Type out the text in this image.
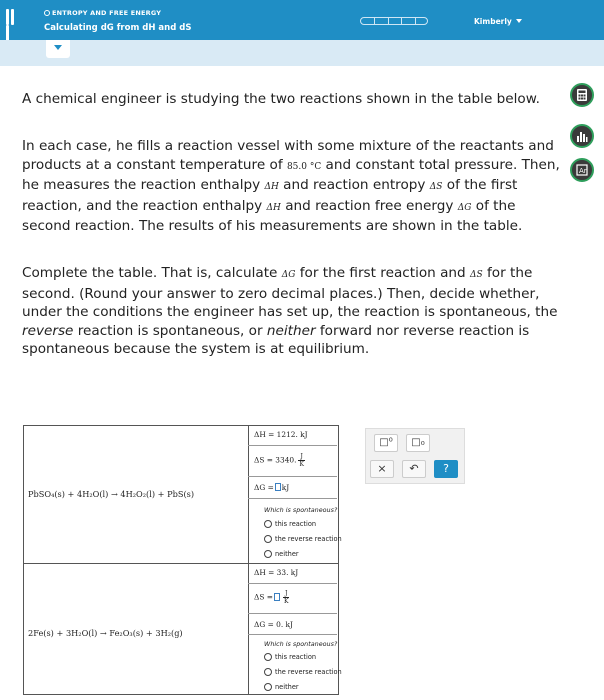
ENTROPY AND FREE ENERGY
Calculating dG from dH and dS
Kimberly
Ar

A chemical engineer is studying the two reactions shown in the table below.

In each case, he fills a reaction vessel with some mixture of the reactants and products at a constant temperature of 85.0 °C and constant total pressure. Then, he measures the reaction enthalpy ΔH and reaction entropy ΔS of the first reaction, and the reaction enthalpy ΔH and reaction free energy ΔG of the second reaction. The results of his measurements are shown in the table.

Complete the table. That is, calculate ΔG for the first reaction and ΔS for the second. (Round your answer to zero decimal places.) Then, decide whether, under the conditions the engineer has set up, the reaction is spontaneous, the reverse reaction is spontaneous, or neither forward nor reverse reaction is spontaneous because the system is at equilibrium.

PbSO₄(s) + 4H₂O(l) → 4H₂O₂(l) + PbS(s)
ΔH = 1212. kJ
ΔS = 3340. $\frac{J}{K}$
ΔG = kJ
Which is spontaneous?
this reaction
the reverse reaction
neither
2Fe(s) + 3H₂O(l) → Fe₂O₃(s) + 3H₂(g)
ΔH = 33. kJ
$\Delta S = \frac{J}{K}$
ΔG = 0. kJ
Which is spontaneous?
this reaction
the reverse reaction
neither
□⁰	□₀
×	↶	?
